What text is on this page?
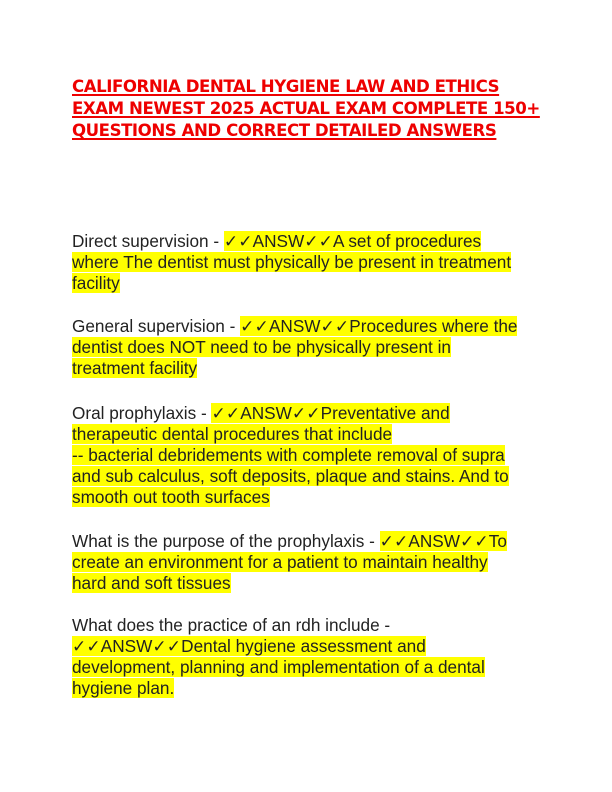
CALIFORNIA DENTAL HYGIENE LAW AND ETHICS
EXAM NEWEST 2025 ACTUAL EXAM COMPLETE 150+
QUESTIONS AND CORRECT DETAILED ANSWERS
Direct supervision - ✓✓ANSW✓✓A set of procedures
where The dentist must physically be present in treatment
facility
General supervision - ✓✓ANSW✓✓Procedures where the
dentist does NOT need to be physically present in
treatment facility
Oral prophylaxis - ✓✓ANSW✓✓Preventative and
therapeutic dental procedures that include
-- bacterial debridements with complete removal of supra
and sub calculus, soft deposits, plaque and stains. And to
smooth out tooth surfaces
What is the purpose of the prophylaxis - ✓✓ANSW✓✓To
create an environment for a patient to maintain healthy
hard and soft tissues
What does the practice of an rdh include -
✓✓ANSW✓✓Dental hygiene assessment and
development, planning and implementation of a dental
hygiene plan.
